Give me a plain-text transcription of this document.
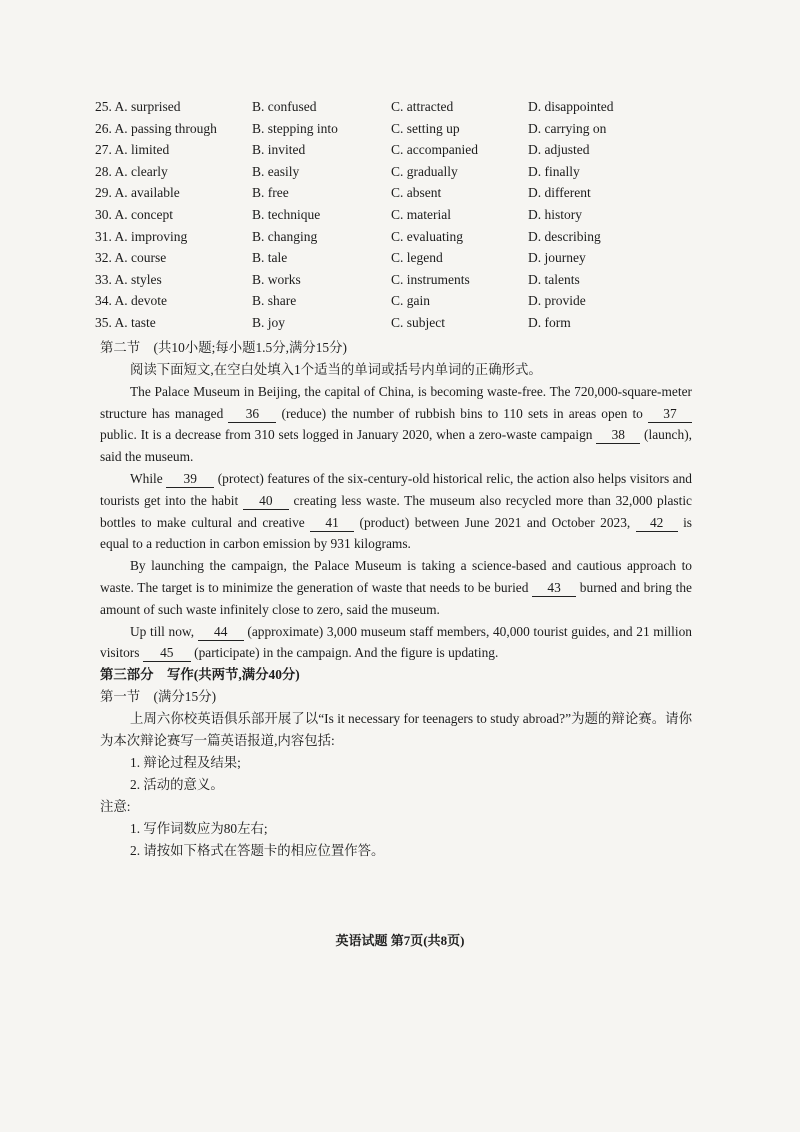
25. A. surprised	B. confused	C. attracted	D. disappointed
26. A. passing through	B. stepping into	C. setting up	D. carrying on
27. A. limited	B. invited	C. accompanied	D. adjusted
28. A. clearly	B. easily	C. gradually	D. finally
29. A. available	B. free	C. absent	D. different
30. A. concept	B. technique	C. material	D. history
31. A. improving	B. changing	C. evaluating	D. describing
32. A. course	B. tale	C. legend	D. journey
33. A. styles	B. works	C. instruments	D. talents
34. A. devote	B. share	C. gain	D. provide
35. A. taste	B. joy	C. subject	D. form
第二节　(共10小题;每小题1.5分,满分15分)

阅读下面短文,在空白处填入1个适当的单词或括号内单词的正确形式。

The Palace Museum in Beijing, the capital of China, is becoming waste-free. The 720,000-square-meter structure has managed 36 (reduce) the number of rubbish bins to 110 sets in areas open to 37 public. It is a decrease from 310 sets logged in January 2020, when a zero-waste campaign 38 (launch), said the museum.

While 39 (protect) features of the six-century-old historical relic, the action also helps visitors and tourists get into the habit 40 creating less waste. The museum also recycled more than 32,000 plastic bottles to make cultural and creative 41 (product) between June 2021 and October 2023, 42 is equal to a reduction in carbon emission by 931 kilograms.

By launching the campaign, the Palace Museum is taking a science-based and cautious approach to waste. The target is to minimize the generation of waste that needs to be buried 43 burned and bring the amount of such waste infinitely close to zero, said the museum.

Up till now, 44 (approximate) 3,000 museum staff members, 40,000 tourist guides, and 21 million visitors 45 (participate) in the campaign. And the figure is updating.

第三部分　写作(共两节,满分40分)
第一节　(满分15分)

上周六你校英语俱乐部开展了以“Is it necessary for teenagers to study abroad?”为题的辩论赛。请你为本次辩论赛写一篇英语报道,内容包括:

1. 辩论过程及结果;
2. 活动的意义。
注意:
1. 写作词数应为80左右;
2. 请按如下格式在答题卡的相应位置作答。
英语试题 第7页(共8页)
